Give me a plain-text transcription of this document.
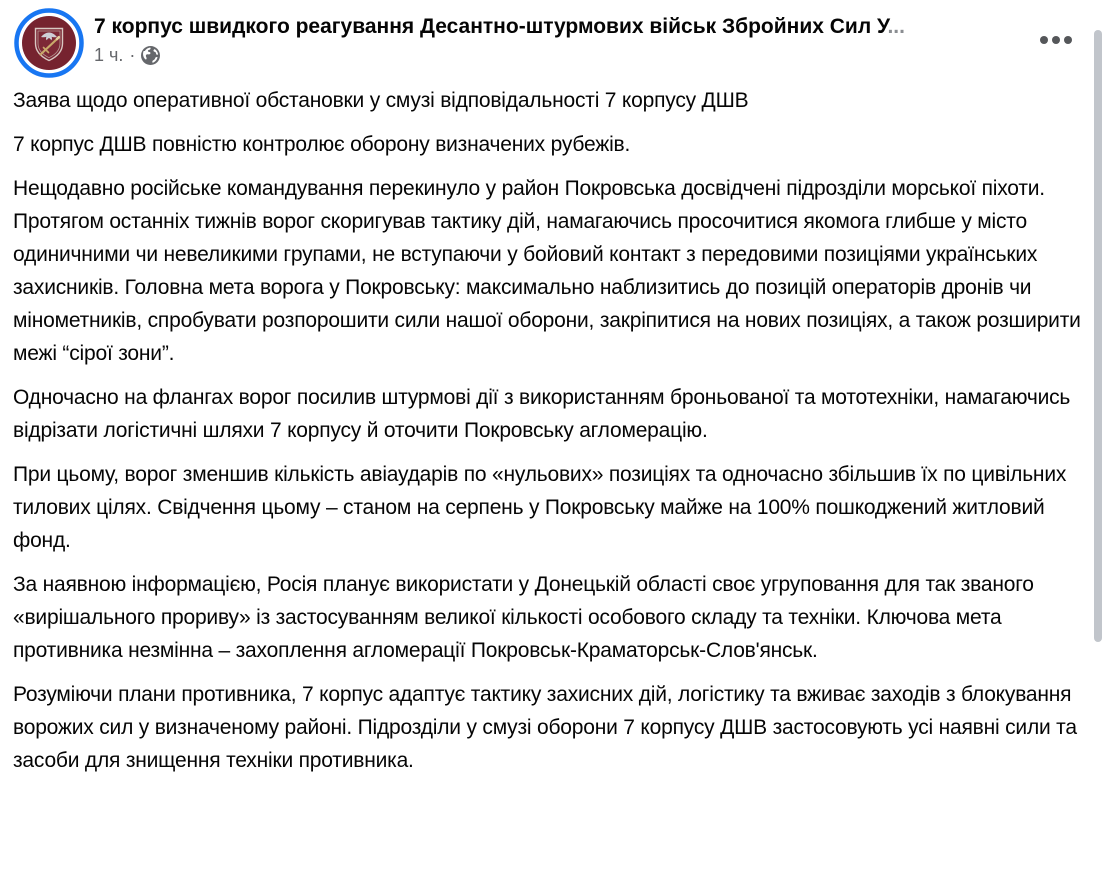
7 корпус швидкого реагування Десантно-штурмових військ Збройних Сил У...
1 ч. ·

Заява щодо оперативної обстановки у смузі відповідальності 7 корпусу ДШВ

7 корпус ДШВ повністю контролює оборону визначених рубежів.

Нещодавно російське командування перекинуло у район Покровська досвідчені підрозділи морської піхоти. Протягом останніх тижнів ворог скоригував тактику дій, намагаючись просочитися якомога глибше у місто одиничними чи невеликими групами, не вступаючи у бойовий контакт з передовими позиціями українських захисників. Головна мета ворога у Покровську: максимально наблизитись до позицій операторів дронів чи мінометників, спробувати розпорошити сили нашої оборони, закріпитися на нових позиціях, а також розширити межі “сірої зони”.

Одночасно на флангах ворог посилив штурмові дії з використанням броньованої та мототехніки, намагаючись відрізати логістичні шляхи 7 корпусу й оточити Покровську агломерацію.

При цьому, ворог зменшив кількість авіаударів по «нульових» позиціях та одночасно збільшив їх по цивільних тилових цілях. Свідчення цьому – станом на серпень у Покровську майже на 100% пошкоджений житловий фонд.

За наявною інформацією, Росія планує використати у Донецькій області своє угруповання для так званого «вирішального прориву» із застосуванням великої кількості особового складу та техніки. Ключова мета противника незмінна – захоплення агломерації Покровськ-Краматорськ-Слов'янськ.

Розуміючи плани противника, 7 корпус адаптує тактику захисних дій, логістику та вживає заходів з блокування ворожих сил у визначеному районі. Підрозділи у смузі оборони 7 корпусу ДШВ застосовують усі наявні сили та засоби для знищення техніки противника.
